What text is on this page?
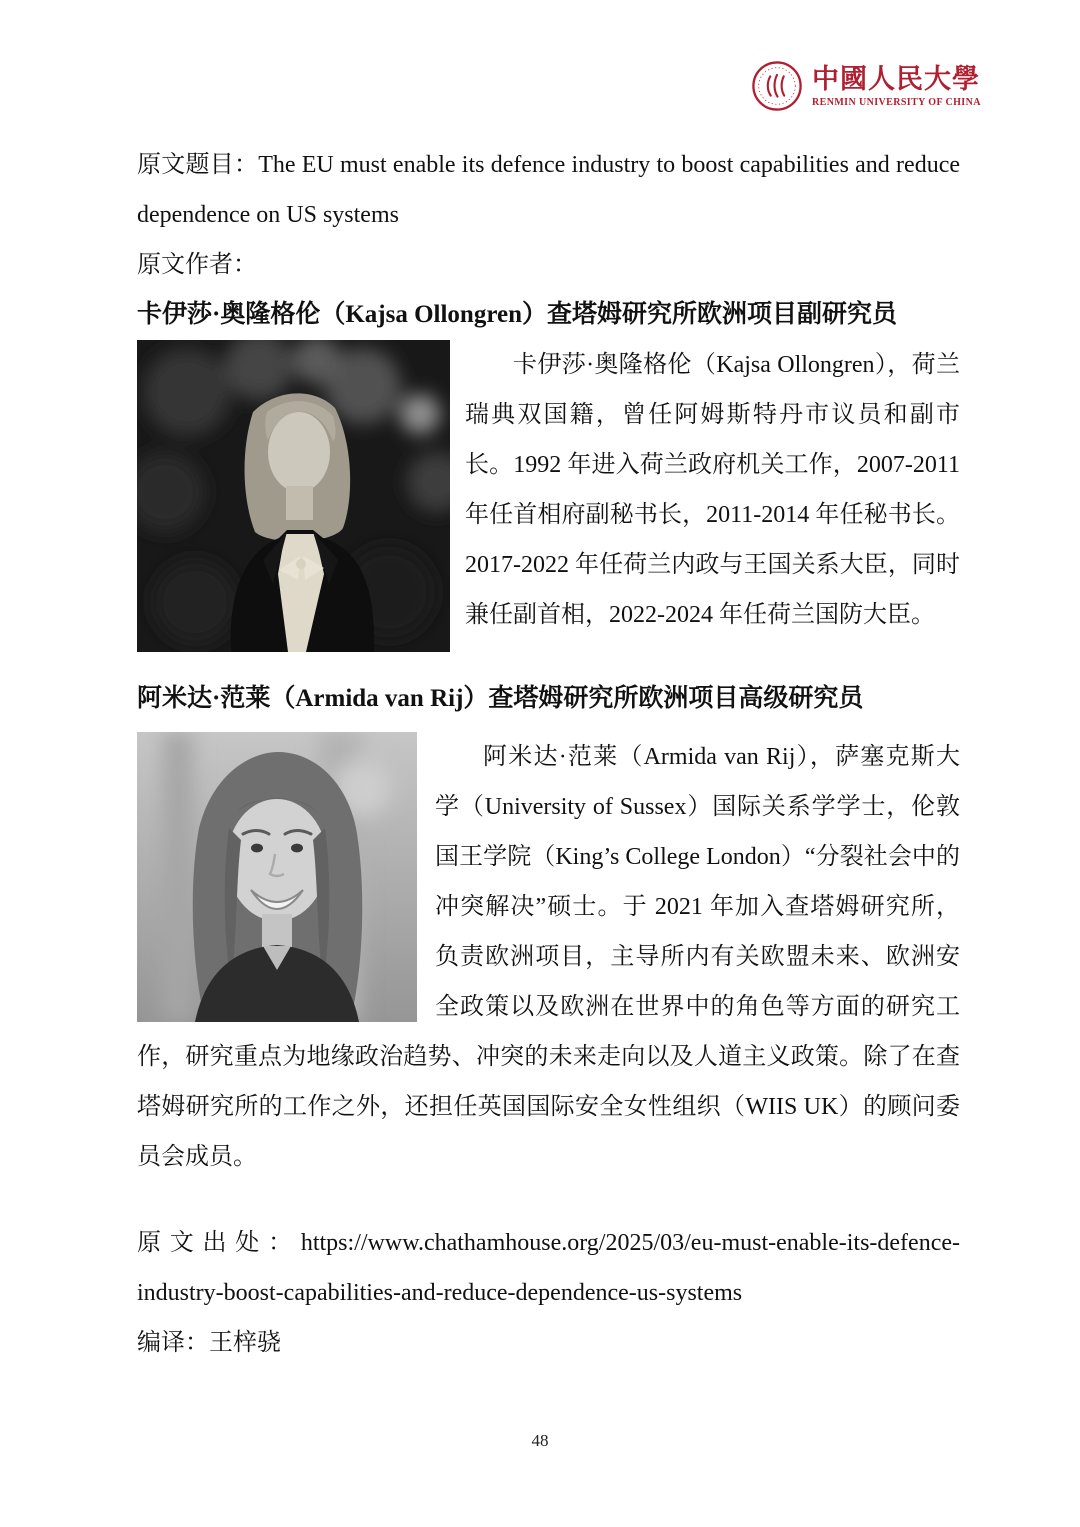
中國人民大學
RENMIN UNIVERSITY OF CHINA

原文题目：The EU must enable its defence industry to boost capabilities and reduce dependence on US systems

原文作者：

卡伊莎·奥隆格伦（Kajsa Ollongren）查塔姆研究所欧洲项目副研究员

卡伊莎·奥隆格伦（Kajsa Ollongren），荷兰瑞典双国籍，曾任阿姆斯特丹市议员和副市长。1992 年进入荷兰政府机关工作，2007-2011 年任首相府副秘书长，2011-2014 年任秘书长。2017-2022 年任荷兰内政与王国关系大臣，同时兼任副首相，2022-2024 年任荷兰国防大臣。

阿米达·范莱（Armida van Rij）查塔姆研究所欧洲项目高级研究员

阿米达·范莱（Armida van Rij），萨塞克斯大学（University of Sussex）国际关系学学士，伦敦国王学院（King’s College London）“分裂社会中的冲突解决”硕士。于 2021 年加入查塔姆研究所，负责欧洲项目，主导所内有关欧盟未来、欧洲安全政策以及欧洲在世界中的角色等方面的研究工作，研究重点为地缘政治趋势、冲突的未来走向以及人道主义政策。除了在查塔姆研究所的工作之外，还担任英国国际安全女性组织（WIIS UK）的顾问委员会成员。

原文出处：https://www.chathamhouse.org/2025/03/eu-must-enable-its-defence-industry-boost-capabilities-and-reduce-dependence-us-systems

编译：王梓骁

48
